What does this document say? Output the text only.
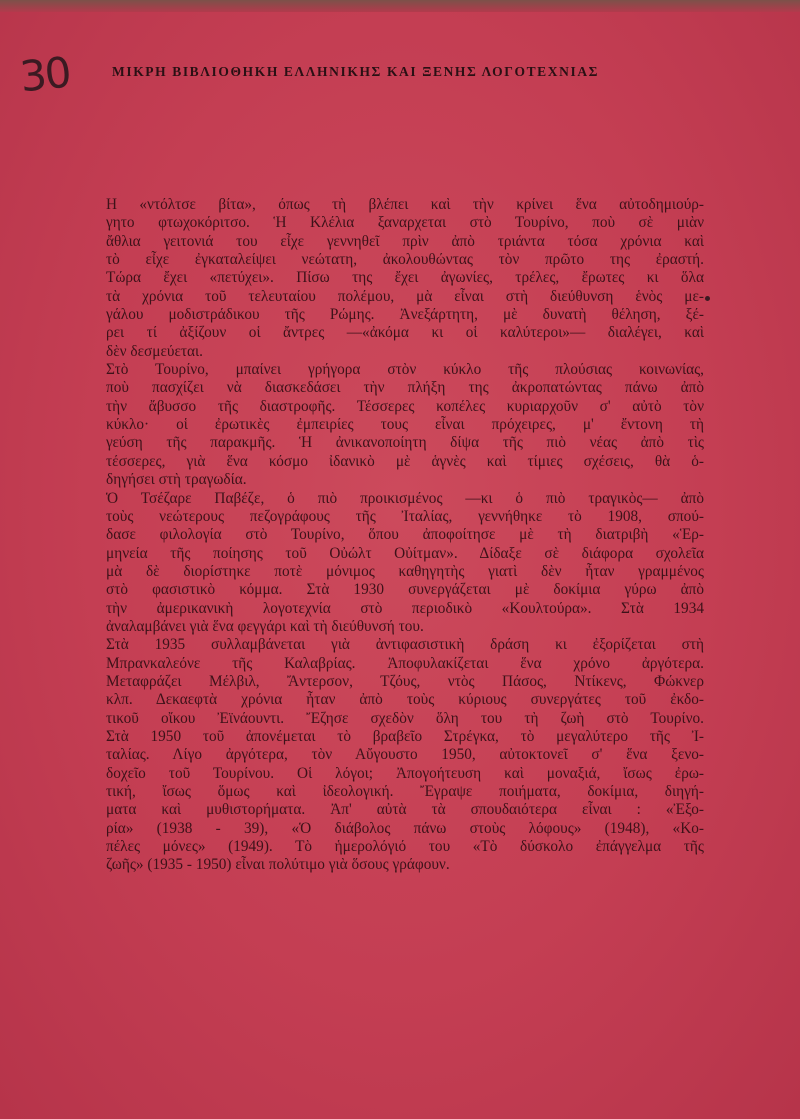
30	ΜΙΚΡΗ ΒΙΒΛΙΟΘΗΚΗ ΕΛΛΗΝΙΚΗΣ ΚΑΙ ΞΕΝΗΣ ΛΟΓΟΤΕΧΝΙΑΣ
Η «ντόλτσε βίτα», όπως τὴ βλέπει καὶ τὴν κρίνει ἕνα αὐτοδημιούρ-
γητο φτωχοκόριτσο. Ἡ Κλέλια ξαναρχεται στὸ Τουρίνο, ποὺ σὲ μιὰν
ἄθλια γειτονιά του εἶχε γεννηθεῖ πρὶν ἀπὸ τριάντα τόσα χρόνια καὶ
τὸ εἶχε ἐγκαταλείψει νεώτατη, ἀκολουθώντας τὸν πρῶτο της ἐραστή.
Τώρα ἔχει «πετύχει». Πίσω της ἔχει ἀγωνίες, τρέλες, ἔρωτες κι ὅλα
τὰ χρόνια τοῦ τελευταίου πολέμου, μὰ εἶναι στὴ διεύθυνση ἑνὸς με-
γάλου μοδιστράδικου τῆς Ρώμης. Ἀνεξάρτητη, μὲ δυνατὴ θέληση, ξέ-
ρει τί ἀξίζουν οἱ ἄντρες —«ἀκόμα κι οἱ καλύτεροι»— διαλέγει, καὶ
δὲν δεσμεύεται.
Στὸ Τουρίνο, μπαίνει γρήγορα στὸν κύκλο τῆς πλούσιας κοινωνίας,
ποὺ πασχίζει νὰ διασκεδάσει τὴν πλήξη της ἀκροπατώντας πάνω ἀπὸ
τὴν ἄβυσσο τῆς διαστροφῆς. Τέσσερες κοπέλες κυριαρχοῦν σ' αὐτὸ τὸν
κύκλο· οἱ ἐρωτικὲς ἐμπειρίες τους εἶναι πρόχειρες, μ' ἔντονη τὴ
γεύση τῆς παρακμῆς. Ἡ ἀνικανοποίητη δίψα τῆς πιὸ νέας ἀπὸ τὶς
τέσσερες, γιὰ ἕνα κόσμο ἰδανικὸ μὲ ἁγνὲς καὶ τίμιες σχέσεις, θὰ ὁ-
δηγήσει στὴ τραγωδία.
Ὁ Τσέζαρε Παβέζε, ὁ πιὸ προικισμένος —κι ὁ πιὸ τραγικὸς— ἀπὸ
τοὺς νεώτερους πεζογράφους τῆς Ἰταλίας, γεννήθηκε τὸ 1908, σπού-
δασε φιλολογία στὸ Τουρίνο, ὅπου ἀποφοίτησε μὲ τὴ διατριβὴ «Ἑρ-
μηνεία τῆς ποίησης τοῦ Οὐώλτ Οὐίτμαν». Δίδαξε σὲ διάφορα σχολεῖα
μὰ δὲ διορίστηκε ποτὲ μόνιμος καθηγητὴς γιατὶ δὲν ἦταν γραμμένος
στὸ φασιστικὸ κόμμα. Στὰ 1930 συνεργάζεται μὲ δοκίμια γύρω ἀπὸ
τὴν ἀμερικανικὴ λογοτεχνία στὸ περιοδικὸ «Κουλτούρα». Στὰ 1934
ἀναλαμβάνει γιὰ ἕνα φεγγάρι καὶ τὴ διεύθυνσή του.
Στὰ 1935 συλλαμβάνεται γιὰ ἀντιφασιστικὴ δράση κι ἐξορίζεται στὴ
Μπρανκαλεόνε τῆς Καλαβρίας. Ἀποφυλακίζεται ἕνα χρόνο ἀργότερα.
Μεταφράζει Μέλβιλ, Ἄντερσον, Τζόυς, ντὸς Πάσος, Ντίκενς, Φώκνερ
κλπ. Δεκαεφτὰ χρόνια ἦταν ἀπὸ τοὺς κύριους συνεργάτες τοῦ ἐκδο-
τικοῦ οἴκου Ἐϊνάουντι. Ἔζησε σχεδὸν ὅλη του τὴ ζωὴ στὸ Τουρίνο.
Στὰ 1950 τοῦ ἀπονέμεται τὸ βραβεῖο Στρέγκα, τὸ μεγαλύτερο τῆς Ἰ-
ταλίας. Λίγο ἀργότερα, τὸν Αὔγουστο 1950, αὐτοκτονεῖ σ' ἕνα ξενο-
δοχεῖο τοῦ Τουρίνου. Οἱ λόγοι; Ἀπογοήτευση καὶ μοναξιά, ἴσως ἐρω-
τική, ἴσως ὅμως καὶ ἰδεολογική. Ἔγραψε ποιήματα, δοκίμια, διηγή-
ματα καὶ μυθιστορήματα. Ἀπ' αὐτὰ τὰ σπουδαιότερα εἶναι : «Ἐξο-
ρία» (1938 - 39), «Ὁ διάβολος πάνω στοὺς λόφους» (1948), «Κο-
πέλες μόνες» (1949). Τὸ ἡμερολόγιό του «Τὸ δύσκολο ἐπάγγελμα τῆς
ζωῆς» (1935 - 1950) εἶναι πολύτιμο γιὰ ὅσους γράφουν.
